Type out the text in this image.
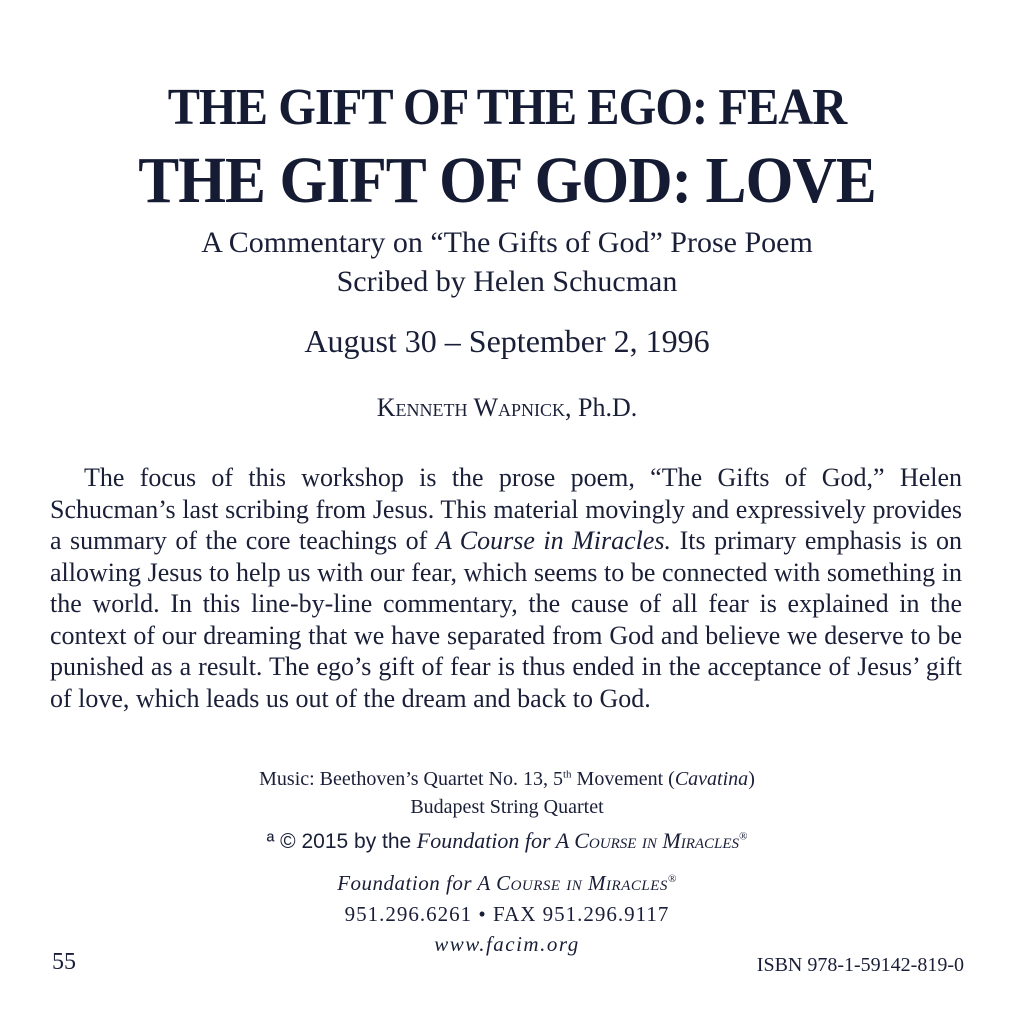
THE GIFT OF THE EGO: FEAR
THE GIFT OF GOD: LOVE
A Commentary on “The Gifts of God” Prose Poem
Scribed by Helen Schucman
August 30 – September 2, 1996
Kenneth Wapnick, Ph.D.
The focus of this workshop is the prose poem, “The Gifts of God,” Helen Schucman’s last scribing from Jesus. This material movingly and expressively provides a summary of the core teachings of A Course in Miracles. Its primary emphasis is on allowing Jesus to help us with our fear, which seems to be connected with something in the world. In this line-by-line commentary, the cause of all fear is explained in the context of our dreaming that we have separated from God and believe we deserve to be punished as a result. The ego’s gift of fear is thus ended in the acceptance of Jesus’ gift of love, which leads us out of the dream and back to God.
Music: Beethoven’s Quartet No. 13, 5th Movement (Cavatina)
Budapest String Quartet
ª © 2015 by the Foundation for A Course in Miracles®
Foundation for A Course in Miracles®
951.296.6261 • FAX 951.296.9117
www.facim.org
55	ISBN 978-1-59142-819-0
